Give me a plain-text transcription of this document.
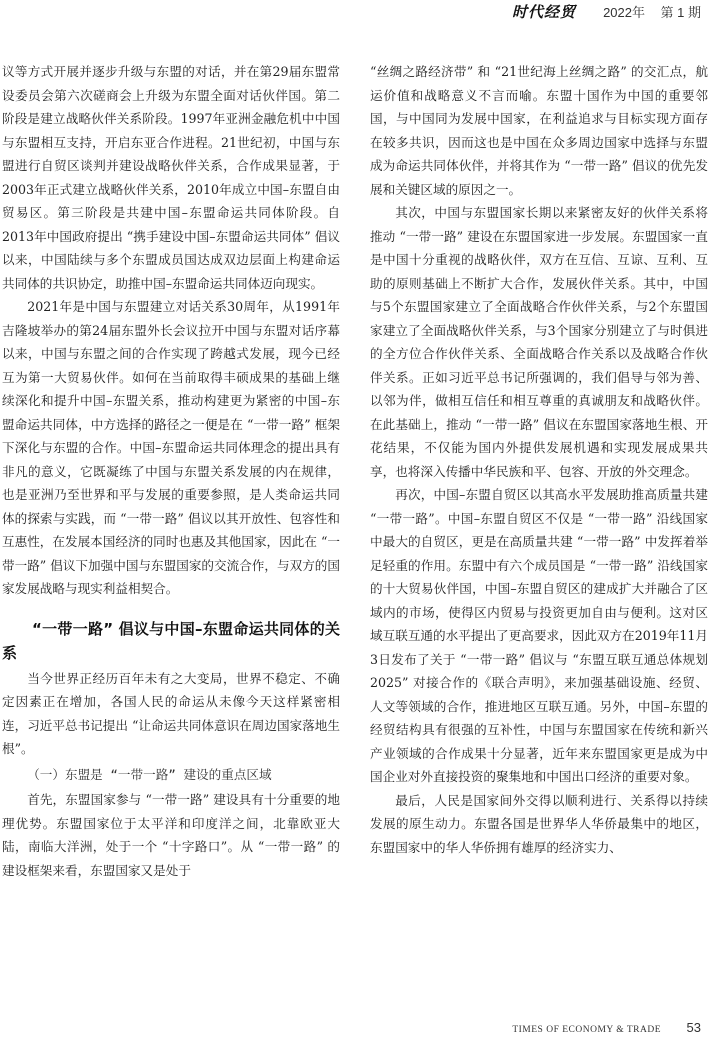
时代经贸 2022年 第 1 期

议等方式开展并逐步升级与东盟的对话，并在第29届东盟常设委员会第六次磋商会上升级为东盟全面对话伙伴国。第二阶段是建立战略伙伴关系阶段。1997年亚洲金融危机中中国与东盟相互支持，开启东亚合作进程。21世纪初，中国与东盟进行自贸区谈判并建设战略伙伴关系，合作成果显著，于2003年正式建立战略伙伴关系，2010年成立中国–东盟自由贸易区。第三阶段是共建中国–东盟命运共同体阶段。自2013年中国政府提出 “携手建设中国–东盟命运共同体” 倡议以来，中国陆续与多个东盟成员国达成双边层面上构建命运共同体的共识协定，助推中国–东盟命运共同体迈向现实。

2021年是中国与东盟建立对话关系30周年，从1991年吉隆坡举办的第24届东盟外长会议拉开中国与东盟对话序幕以来，中国与东盟之间的合作实现了跨越式发展，现今已经互为第一大贸易伙伴。如何在当前取得丰硕成果的基础上继续深化和提升中国–东盟关系，推动构建更为紧密的中国–东盟命运共同体，中方选择的路径之一便是在 “一带一路” 框架下深化与东盟的合作。中国–东盟命运共同体理念的提出具有非凡的意义，它既凝练了中国与东盟关系发展的内在规律，也是亚洲乃至世界和平与发展的重要参照，是人类命运共同体的探索与实践，而 “一带一路” 倡议以其开放性、包容性和互惠性，在发展本国经济的同时也惠及其他国家，因此在 “一带一路” 倡议下加强中国与东盟国家的交流合作，与双方的国家发展战略与现实利益相契合。

“一带一路” 倡议与中国–东盟命运共同体的关系

当今世界正经历百年未有之大变局，世界不稳定、不确定因素正在增加，各国人民的命运从未像今天这样紧密相连，习近平总书记提出 “让命运共同体意识在周边国家落地生根”。

（一）东盟是 “一带一路” 建设的重点区域

首先，东盟国家参与 “一带一路” 建设具有十分重要的地理优势。东盟国家位于太平洋和印度洋之间，北靠欧亚大陆，南临大洋洲，处于一个 “十字路口”。从 “一带一路” 的建设框架来看，东盟国家又是处于

“丝绸之路经济带” 和 “21世纪海上丝绸之路” 的交汇点，航运价值和战略意义不言而喻。东盟十国作为中国的重要邻国，与中国同为发展中国家，在利益追求与目标实现方面存在较多共识，因而这也是中国在众多周边国家中选择与东盟成为命运共同体伙伴，并将其作为 “一带一路” 倡议的优先发展和关键区域的原因之一。

其次，中国与东盟国家长期以来紧密友好的伙伴关系将推动 “一带一路” 建设在东盟国家进一步发展。东盟国家一直是中国十分重视的战略伙伴，双方在互信、互谅、互利、互助的原则基础上不断扩大合作，发展伙伴关系。其中，中国与5个东盟国家建立了全面战略合作伙伴关系，与2个东盟国家建立了全面战略伙伴关系，与3个国家分别建立了与时俱进的全方位合作伙伴关系、全面战略合作关系以及战略合作伙伴关系。正如习近平总书记所强调的，我们倡导与邻为善、以邻为伴，做相互信任和相互尊重的真诚朋友和战略伙伴。在此基础上，推动 “一带一路” 倡议在东盟国家落地生根、开花结果，不仅能为国内外提供发展机遇和实现发展成果共享，也将深入传播中华民族和平、包容、开放的外交理念。

再次，中国–东盟自贸区以其高水平发展助推高质量共建 “一带一路”。中国–东盟自贸区不仅是 “一带一路” 沿线国家中最大的自贸区，更是在高质量共建 “一带一路” 中发挥着举足轻重的作用。东盟中有六个成员国是 “一带一路” 沿线国家的十大贸易伙伴国，中国–东盟自贸区的建成扩大并融合了区域内的市场，使得区内贸易与投资更加自由与便利。这对区域互联互通的水平提出了更高要求，因此双方在2019年11月3日发布了关于 “一带一路” 倡议与 “东盟互联互通总体规划2025” 对接合作的《联合声明》，来加强基础设施、经贸、人文等领域的合作，推进地区互联互通。另外，中国–东盟的经贸结构具有很强的互补性，中国与东盟国家在传统和新兴产业领域的合作成果十分显著，近年来东盟国家更是成为中国企业对外直接投资的聚集地和中国出口经济的重要对象。

最后，人民是国家间外交得以顺利进行、关系得以持续发展的原生动力。东盟各国是世界华人华侨最集中的地区，东盟国家中的华人华侨拥有雄厚的经济实力、

TIMES OF ECONOMY & TRADE 53
